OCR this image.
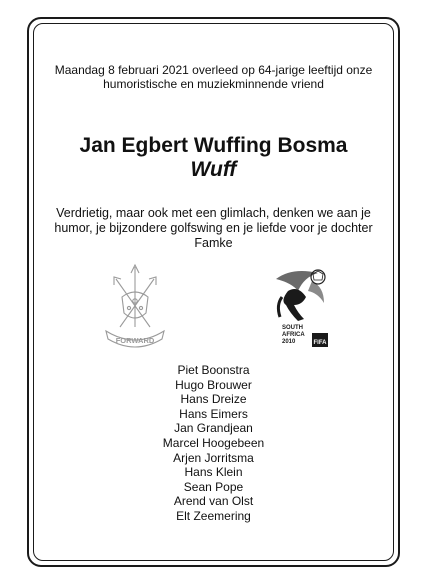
Maandag 8 februari 2021 overleed op 64-jarige leeftijd onze humoristische en muziekminnende vriend
Jan Egbert Wuffing Bosma
Wuff
Verdrietig, maar ook met een glimlach, denken we aan je humor, je bijzondere golfswing en je liefde voor je dochter Famke
FORWARD
SOUTH
AFRICA
2010	FIFA
Piet Boonstra
Hugo Brouwer
Hans Dreize
Hans Eimers
Jan Grandjean
Marcel Hoogebeen
Arjen Jorritsma
Hans Klein
Sean Pope
Arend van Olst
Elt Zeemering
